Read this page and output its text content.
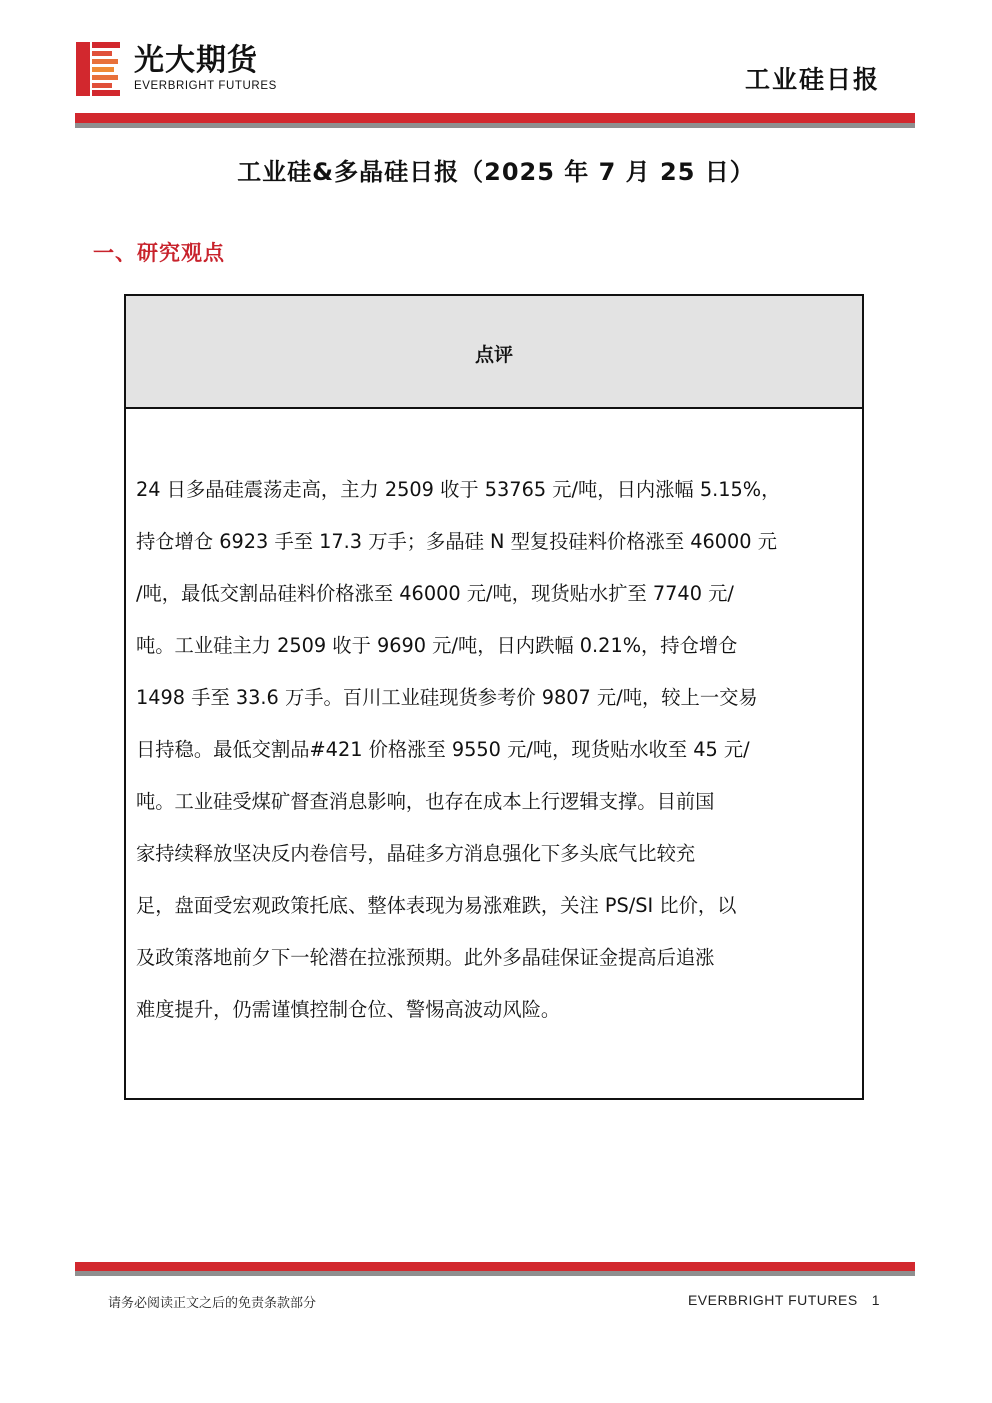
光大期货
EVERBRIGHT FUTURES	工业硅日报
工业硅&多晶硅日报（2025 年 7 月 25 日）
一、研究观点
点评
24 日多晶硅震荡走高，主力 2509 收于 53765 元/吨，日内涨幅 5.15%，
持仓增仓 6923 手至 17.3 万手；多晶硅 N 型复投硅料价格涨至 46000 元
/吨，最低交割品硅料价格涨至 46000 元/吨，现货贴水扩至 7740 元/
吨。工业硅主力 2509 收于 9690 元/吨，日内跌幅 0.21%，持仓增仓
1498 手至 33.6 万手。百川工业硅现货参考价 9807 元/吨，较上一交易
日持稳。最低交割品#421 价格涨至 9550 元/吨，现货贴水收至 45 元/
吨。工业硅受煤矿督查消息影响，也存在成本上行逻辑支撑。目前国
家持续释放坚决反内卷信号，晶硅多方消息强化下多头底气比较充
足，盘面受宏观政策托底、整体表现为易涨难跌，关注 PS/SI 比价，以
及政策落地前夕下一轮潜在拉涨预期。此外多晶硅保证金提高后追涨
难度提升，仍需谨慎控制仓位、警惕高波动风险。
请务必阅读正文之后的免责条款部分	EVERBRIGHT FUTURES 1
